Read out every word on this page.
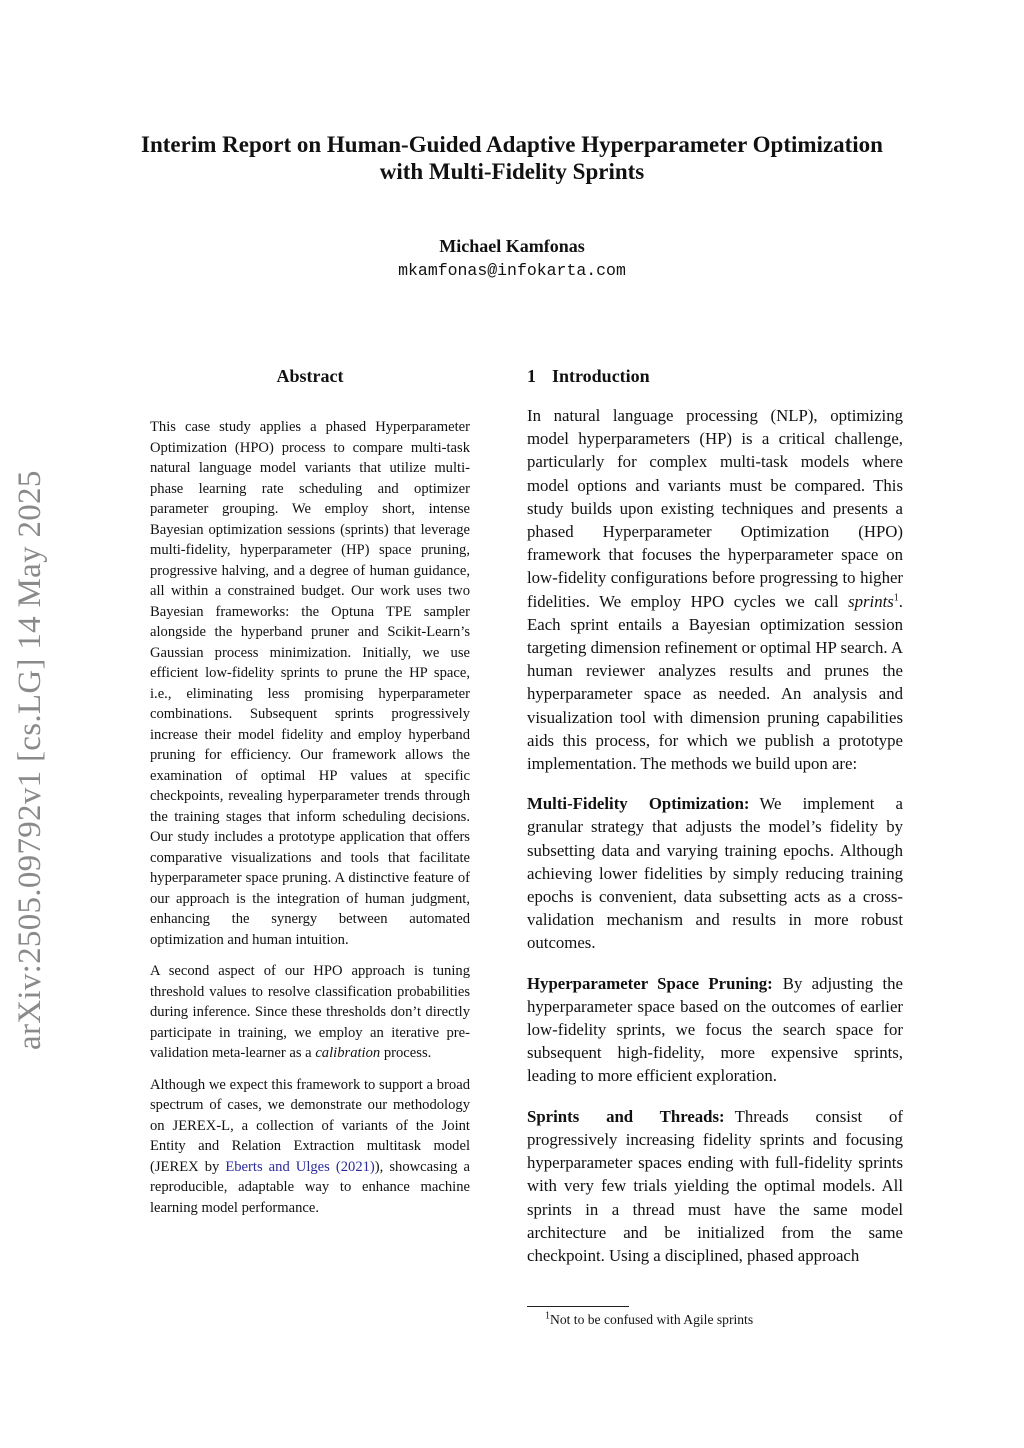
arXiv:2505.09792v1 [cs.LG] 14 May 2025
Interim Report on Human-Guided Adaptive Hyperparameter Optimization with Multi-Fidelity Sprints
Michael Kamfonas
mkamfonas@infokarta.com
Abstract

This case study applies a phased Hyperparameter Optimization (HPO) process to compare multi-task natural language model variants that utilize multi-phase learning rate scheduling and optimizer parameter grouping. We employ short, intense Bayesian optimization sessions (sprints) that leverage multi-fidelity, hyperparameter (HP) space pruning, progressive halving, and a degree of human guidance, all within a constrained budget. Our work uses two Bayesian frameworks: the Optuna TPE sampler alongside the hyperband pruner and Scikit-Learn’s Gaussian process minimization. Initially, we use efficient low-fidelity sprints to prune the HP space, i.e., eliminating less promising hyperparameter combinations. Subsequent sprints progressively increase their model fidelity and employ hyperband pruning for efficiency. Our framework allows the examination of optimal HP values at specific checkpoints, revealing hyperparameter trends through the training stages that inform scheduling decisions. Our study includes a prototype application that offers comparative visualizations and tools that facilitate hyperparameter space pruning. A distinctive feature of our approach is the integration of human judgment, enhancing the synergy between automated optimization and human intuition.

A second aspect of our HPO approach is tuning threshold values to resolve classification probabilities during inference. Since these thresholds don’t directly participate in training, we employ an iterative pre-validation meta-learner as a calibration process.

Although we expect this framework to support a broad spectrum of cases, we demonstrate our methodology on JEREX-L, a collection of variants of the Joint Entity and Relation Extraction multitask model (JEREX by Eberts and Ulges (2021)), showcasing a reproducible, adaptable way to enhance machine learning model performance.

1 Introduction

In natural language processing (NLP), optimizing model hyperparameters (HP) is a critical challenge, particularly for complex multi-task models where model options and variants must be compared. This study builds upon existing techniques and presents a phased Hyperparameter Optimization (HPO) framework that focuses the hyperparameter space on low-fidelity configurations before progressing to higher fidelities. We employ HPO cycles we call sprints$^1$. Each sprint entails a Bayesian optimization session targeting dimension refinement or optimal HP search. A human reviewer analyzes results and prunes the hyperparameter space as needed. An analysis and visualization tool with dimension pruning capabilities aids this process, for which we publish a prototype implementation. The methods we build upon are:

Multi-Fidelity Optimization: We implement a granular strategy that adjusts the model’s fidelity by subsetting data and varying training epochs. Although achieving lower fidelities by simply reducing training epochs is convenient, data subsetting acts as a cross-validation mechanism and results in more robust outcomes.

Hyperparameter Space Pruning: By adjusting the hyperparameter space based on the outcomes of earlier low-fidelity sprints, we focus the search space for subsequent high-fidelity, more expensive sprints, leading to more efficient exploration.

Sprints and Threads: Threads consist of progressively increasing fidelity sprints and focusing hyperparameter spaces ending with full-fidelity sprints with very few trials yielding the optimal models. All sprints in a thread must have the same model architecture and be initialized from the same checkpoint. Using a disciplined, phased approach

$^1$Not to be confused with Agile sprints
